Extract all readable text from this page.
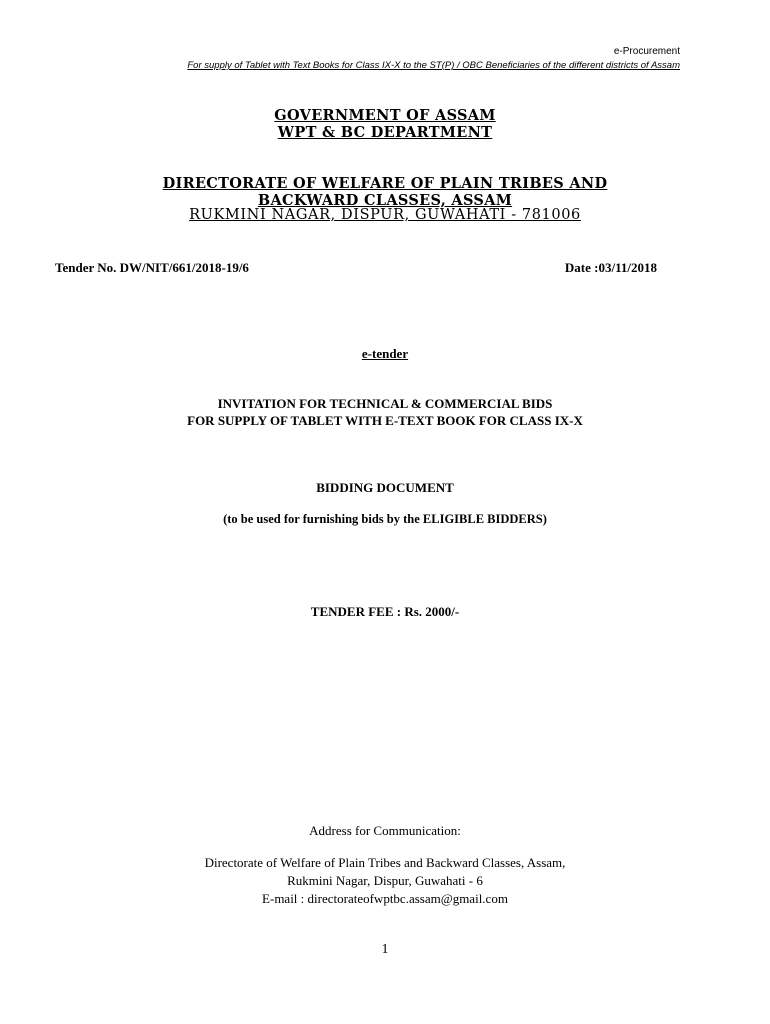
e-Procurement
For supply of Tablet with Text Books for Class IX-X to the ST(P) / OBC Beneficiaries of the different districts of Assam
GOVERNMENT OF ASSAM
WPT & BC DEPARTMENT
DIRECTORATE OF WELFARE OF PLAIN TRIBES AND
BACKWARD CLASSES, ASSAM
RUKMINI NAGAR, DISPUR, GUWAHATI - 781006
Tender No. DW/NIT/661/2018-19/6	Date :03/11/2018
e-tender
INVITATION FOR TECHNICAL & COMMERCIAL BIDS
FOR SUPPLY OF TABLET WITH E-TEXT BOOK FOR CLASS IX-X
BIDDING DOCUMENT
(to be used for furnishing bids by the ELIGIBLE BIDDERS)
TENDER FEE : Rs. 2000/-
Address for Communication:
Directorate of Welfare of Plain Tribes and Backward Classes, Assam,
Rukmini Nagar, Dispur, Guwahati - 6
E-mail : directorateofwptbc.assam@gmail.com
1
